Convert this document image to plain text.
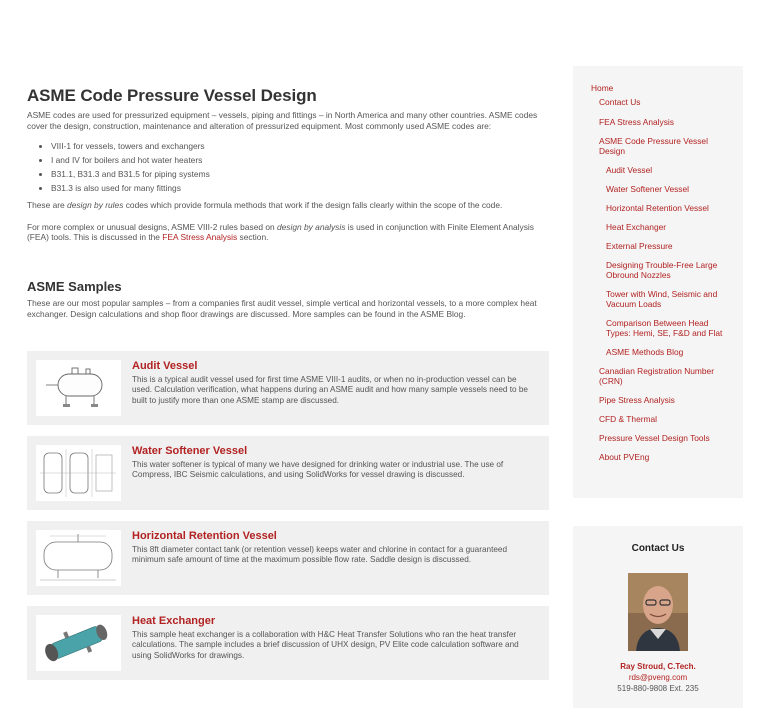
ASME Code Pressure Vessel Design

ASME codes are used for pressurized equipment – vessels, piping and fittings – in North America and many other countries. ASME codes cover the design, construction, maintenance and alteration of pressurized equipment. Most commonly used ASME codes are:

• VIII-1 for vessels, towers and exchangers
• I and IV for boilers and hot water heaters
• B31.1, B31.3 and B31.5 for piping systems
• B31.3 is also used for many fittings

These are design by rules codes which provide formula methods that work if the design falls clearly within the scope of the code.

For more complex or unusual designs, ASME VIII-2 rules based on design by analysis is used in conjunction with Finite Element Analysis (FEA) tools. This is discussed in the FEA Stress Analysis section.

ASME Samples

These are our most popular samples – from a companies first audit vessel, simple vertical and horizontal vessels, to a more complex heat exchanger. Design calculations and shop floor drawings are discussed. More samples can be found in the ASME Blog.

Audit Vessel
This is a typical audit vessel used for first time ASME VIII-1 audits, or when no in-production vessel can be used. Calculation verification, what happens during an ASME audit and how many sample vessels need to be built to justify more than one ASME stamp are discussed.
Water Softener Vessel
This water softener is typical of many we have designed for drinking water or industrial use. The use of Compress, IBC Seismic calculations, and using SolidWorks for vessel drawing is discussed.
Horizontal Retention Vessel
This 8ft diameter contact tank (or retention vessel) keeps water and chlorine in contact for a guaranteed minimum safe amount of time at the maximum possible flow rate. Saddle design is discussed.
Heat Exchanger
This sample heat exchanger is a collaboration with H&C Heat Transfer Solutions who ran the heat transfer calculations. The sample includes a brief discussion of UHX design, PV Elite code calculation software and using SolidWorks for drawings.
Home
Contact Us
FEA Stress Analysis
ASME Code Pressure Vessel Design
Audit Vessel
Water Softener Vessel
Horizontal Retention Vessel
Heat Exchanger
External Pressure
Designing Trouble-Free Large Obround Nozzles
Tower with Wind, Seismic and Vacuum Loads
Comparison Between Head Types: Hemi, SE, F&D and Flat
ASME Methods Blog
Canadian Registration Number (CRN)
Pipe Stress Analysis
CFD & Thermal
Pressure Vessel Design Tools
About PVEng
Contact Us
Ray Stroud, C.Tech.
rds@pveng.com
519-880-9808 Ext. 235
